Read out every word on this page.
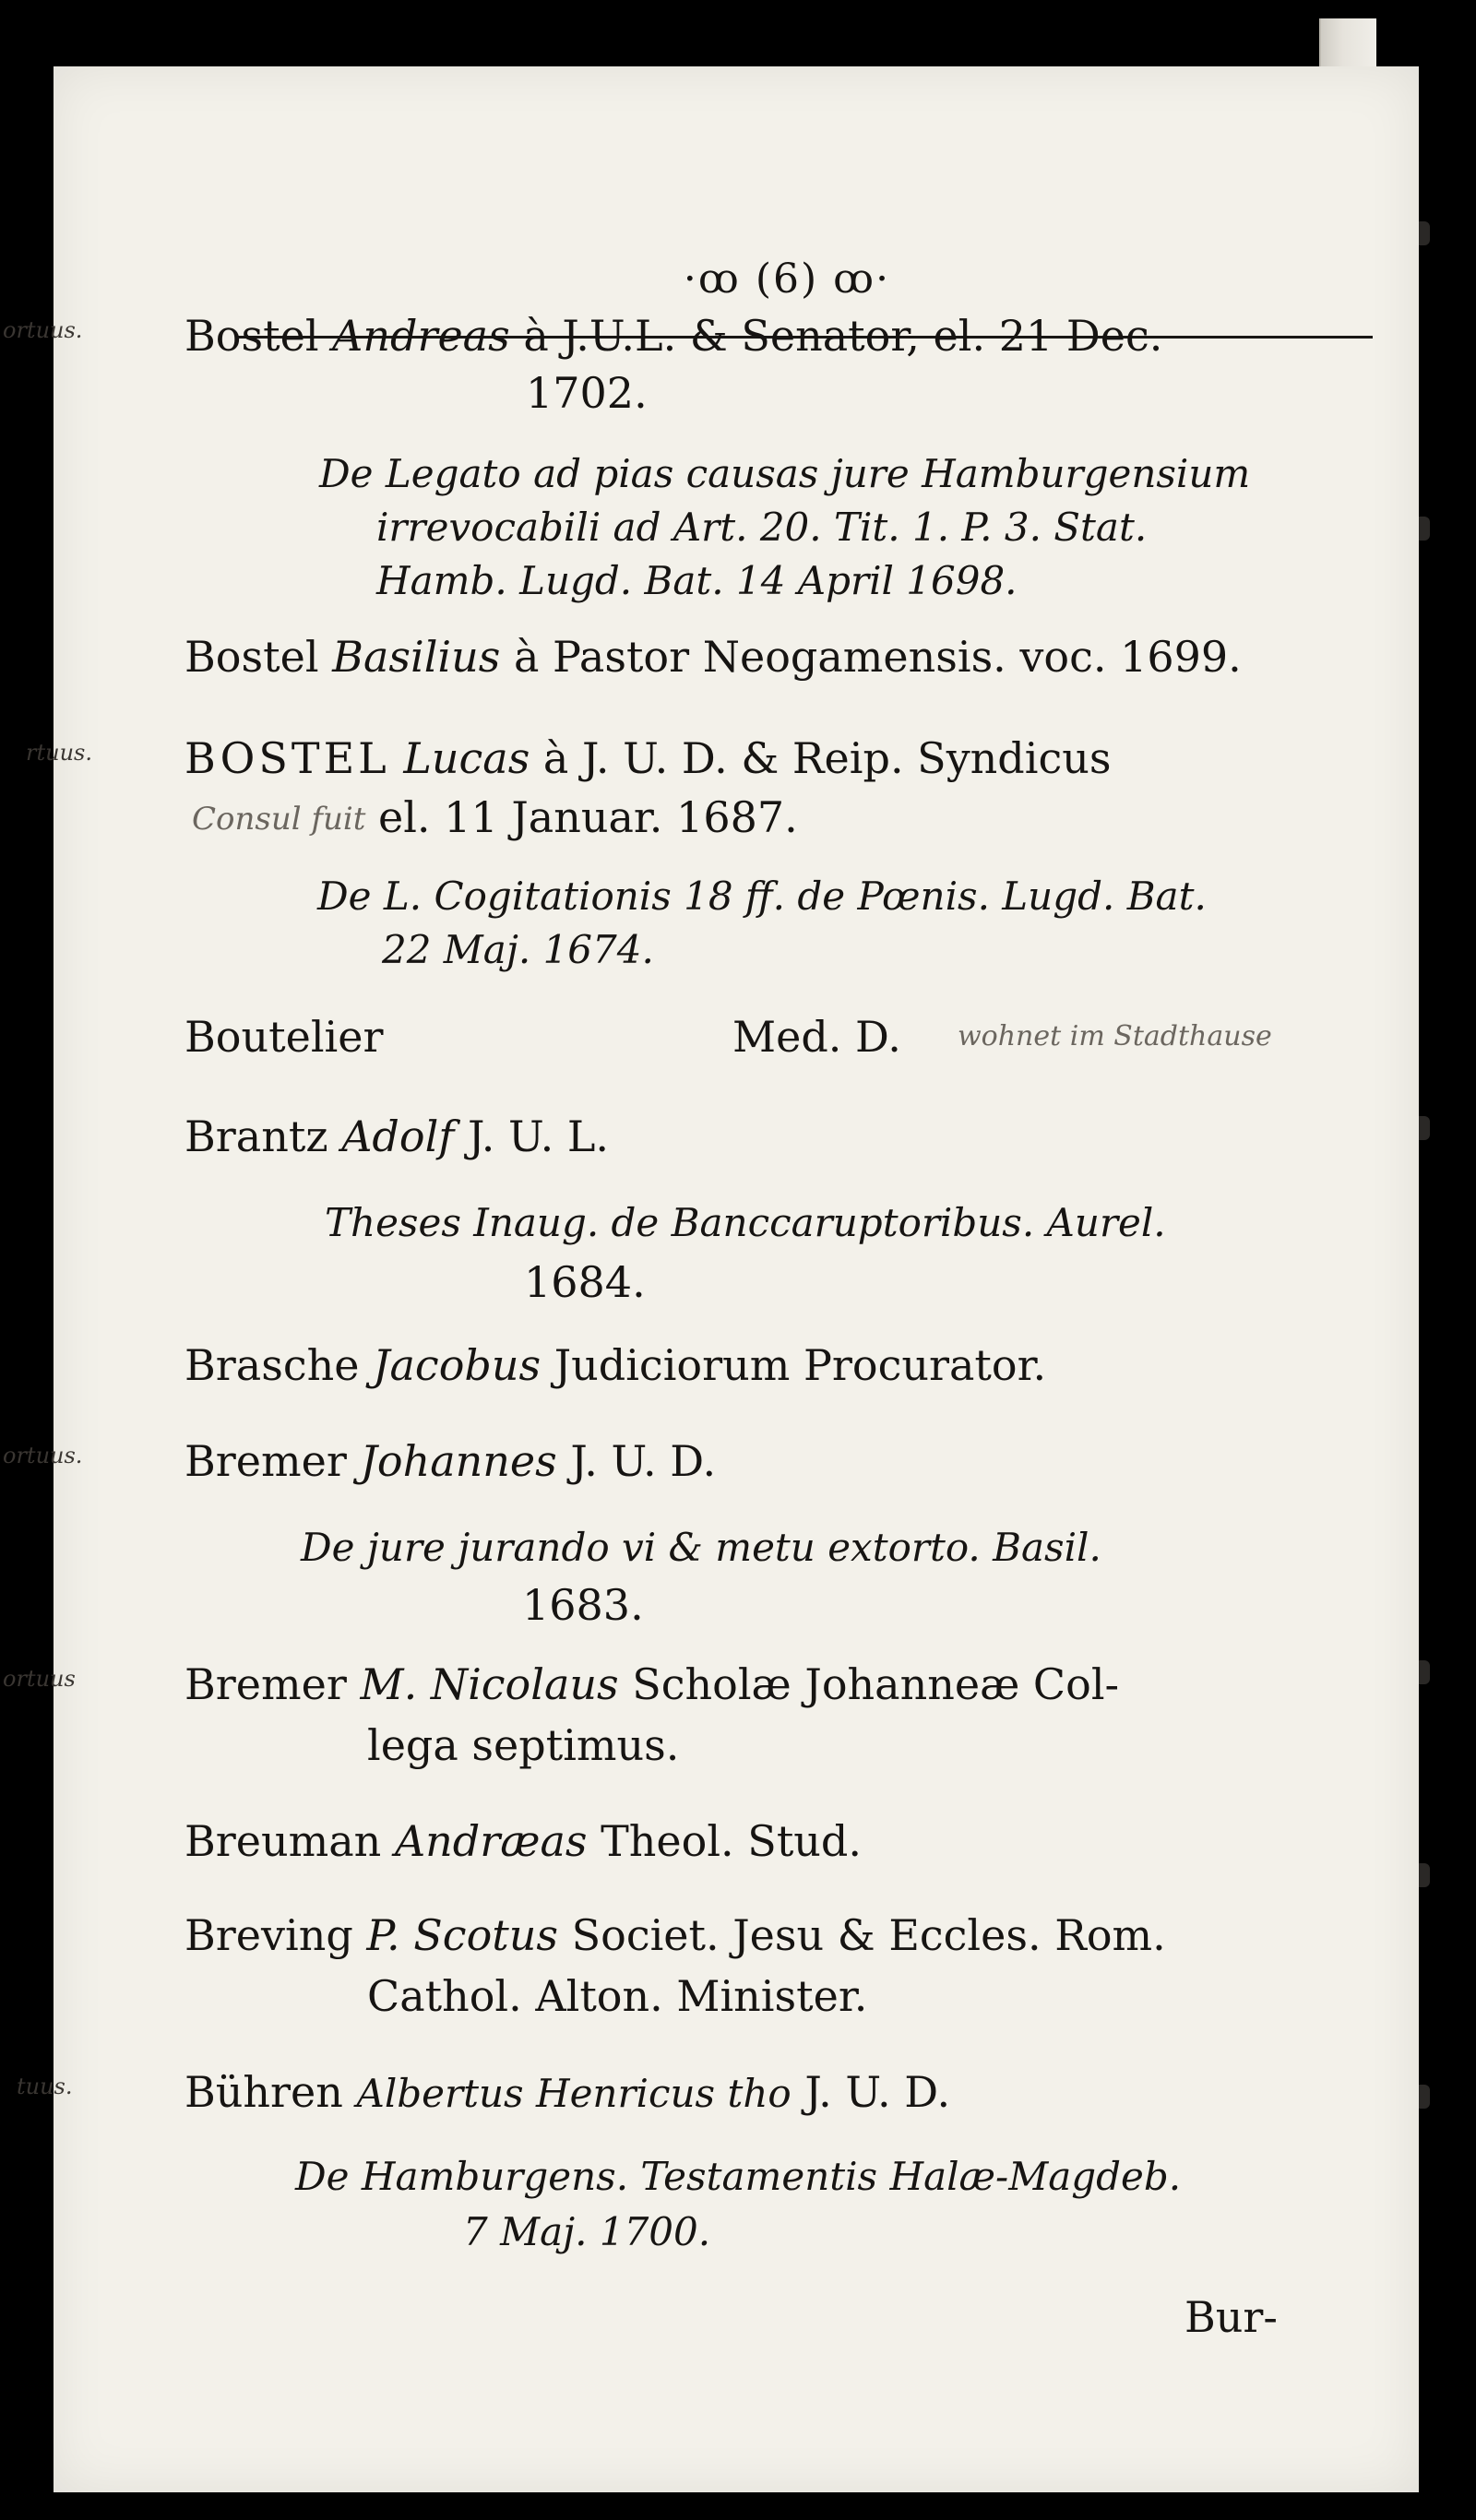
·ꝏ (6) ꝏ·
ortuus. Bostel Andreas à J.U.L. & Senator, el. 21 Dec.
1702.
De Legato ad pias causas jure Hamburgensium
irrevocabili ad Art. 20. Tit. 1. P. 3. Stat.
Hamb. Lugd. Bat. 14 April 1698.
Bostel Basilius à Pastor Neogamensis. voc. 1699.
rtuus. BOSTEL Lucas à J. U. D. & Reip. Syndicus
Consul fuit el. 11 Januar. 1687.
De L. Cogitationis 18 ff. de Pœnis. Lugd. Bat.
22 Maj. 1674.
Boutelier	Med. D. wohnet im Stadthause
Brantz Adolf J. U. L.
Theses Inaug. de Banccaruptoribus. Aurel.
1684.
Brasche Jacobus Judiciorum Procurator.
ortuus. Bremer Johannes J. U. D.
De jure jurando vi & metu extorto. Basil.
1683.
ortuus	Bremer M. Nicolaus Scholæ Johanneæ Col-
lega septimus.
Breuman Andræas Theol. Stud.
Breving P. Scotus Societ. Jesu & Eccles. Rom.
Cathol. Alton. Minister.
tuus.	Bühren Albertus Henricus tho J. U. D.
De Hamburgens. Testamentis Halæ-Magdeb.
7 Maj. 1700.
Bur-
